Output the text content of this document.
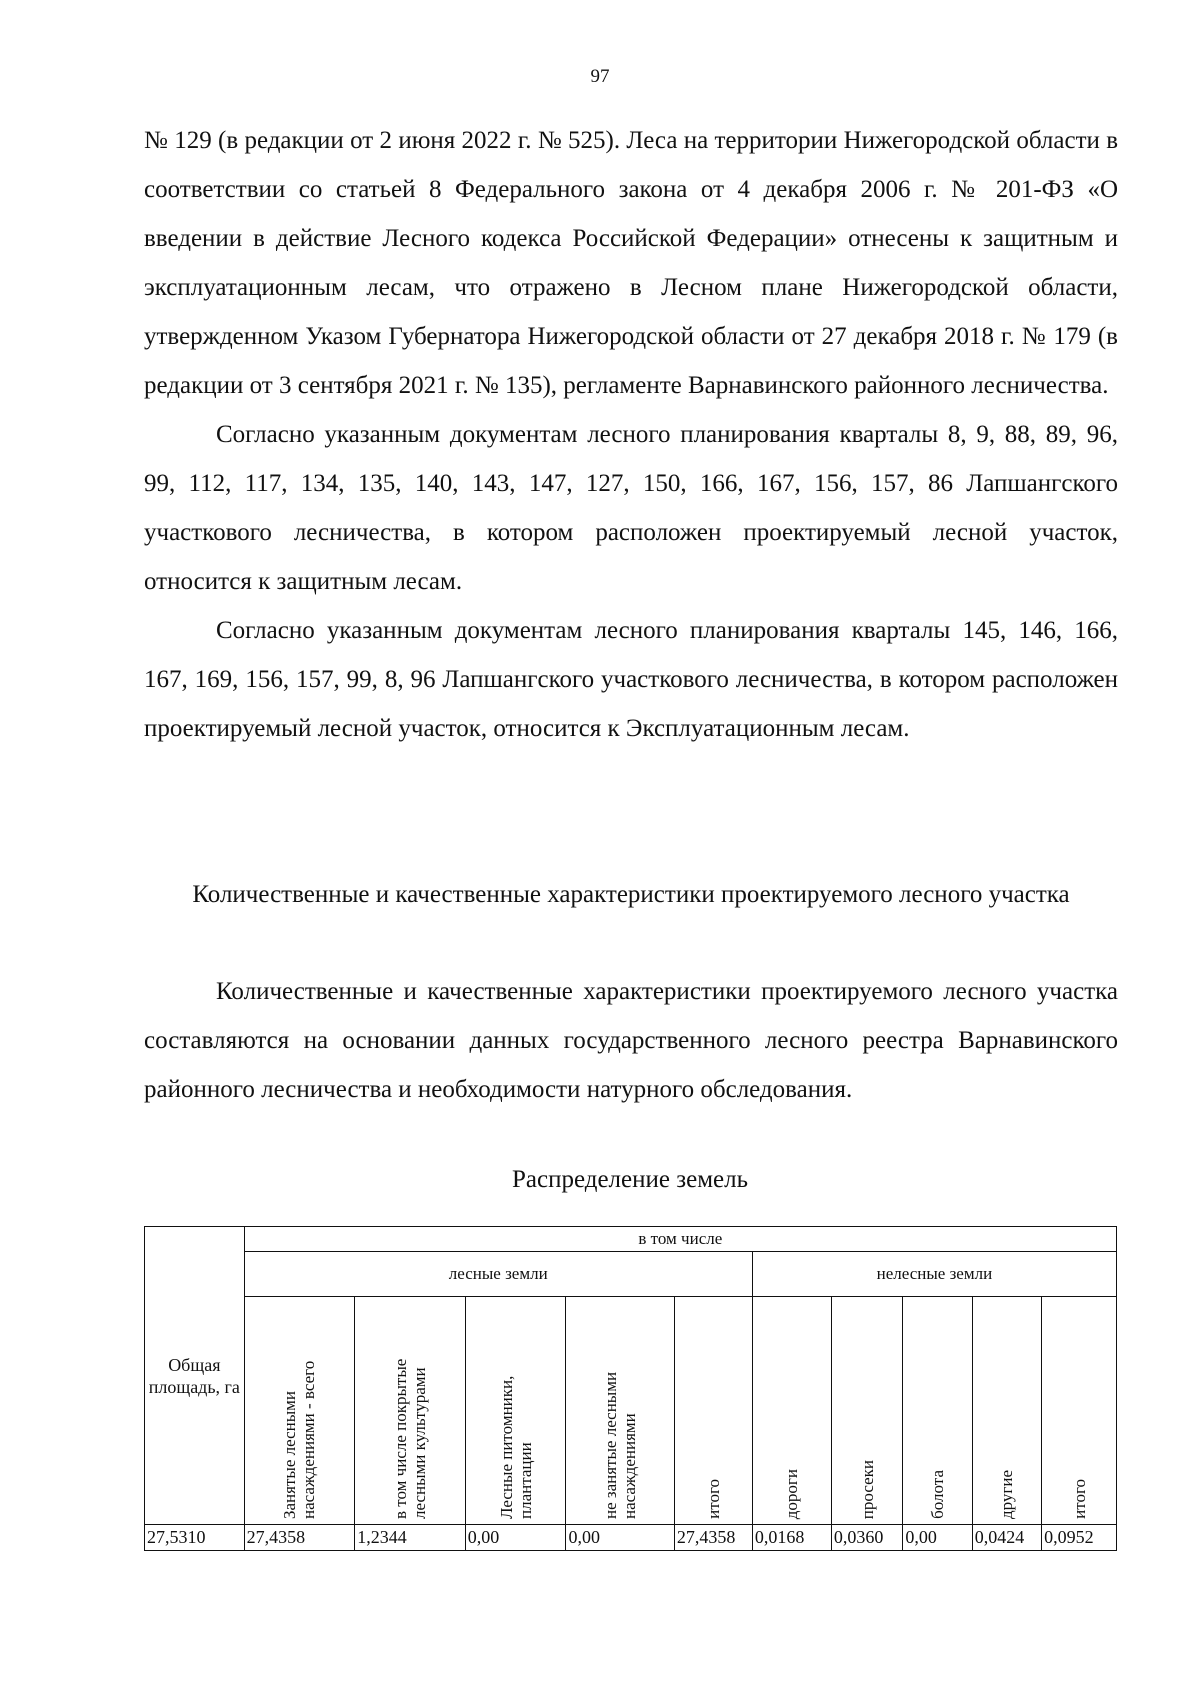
97

№ 129 (в редакции от 2 июня 2022 г. № 525). Леса на территории Нижегородской области в соответствии со статьей 8 Федерального закона от 4 декабря 2006 г. № 201-ФЗ «О введении в действие Лесного кодекса Российской Федерации» отнесены к защитным и эксплуатационным лесам, что отражено в Лесном плане Нижегородской области, утвержденном Указом Губернатора Нижегородской области от 27 декабря 2018 г. № 179 (в редакции от 3 сентября 2021 г. № 135), регламенте Варнавинского районного лесничества.

Согласно указанным документам лесного планирования кварталы 8, 9, 88, 89, 96, 99, 112, 117, 134, 135, 140, 143, 147, 127, 150, 166, 167, 156, 157, 86 Лапшангского участкового лесничества, в котором расположен проектируемый лесной участок, относится к защитным лесам.

Согласно указанным документам лесного планирования кварталы 145, 146, 166, 167, 169, 156, 157, 99, 8, 96 Лапшангского участкового лесничества, в котором расположен проектируемый лесной участок, относится к Эксплуатационным лесам.

Количественные и качественные характеристики проектируемого лесного участка

Количественные и качественные характеристики проектируемого лесного участка составляются на основании данных государственного лесного реестра Варнавинского районного лесничества и необходимости натурного обследования.

Распределение земель
Общая площадь, га	в том числе									
	лесные земли					нелесные земли				
	Занятые лесными насаждениями - всего	в том числе покрытые лесными культурами	Лесные питомники, плантации	не занятые лесными насаждениями	итого	дороги	просеки	болота	другие	итого
27,5310	27,4358	1,2344	0,00	0,00	27,4358	0,0168	0,0360	0,00	0,0424	0,0952
